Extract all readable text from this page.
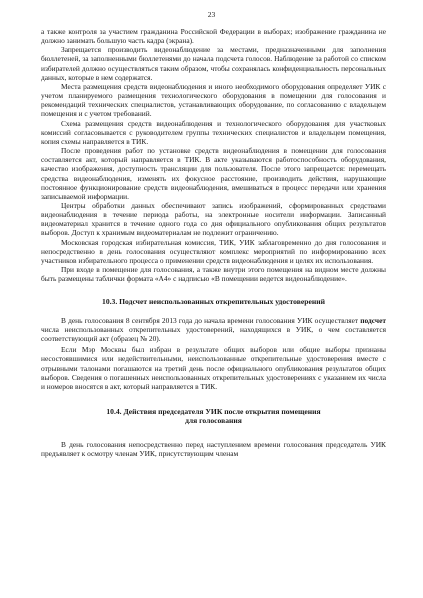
23

а также контроля за участием гражданина Российской Федерации в выборах; изображение гражданина не должно занимать большую часть кадра (экрана).

Запрещается производить видеонаблюдение за местами, предназначенными для заполнения бюллетеней, за заполненными бюллетенями до начала подсчета голосов. Наблюдение за работой со списком избирателей должно осуществляться таким образом, чтобы сохранялась конфиденциальность персональных данных, которые в нем содержатся.

Места размещения средств видеонаблюдения и иного необходимого оборудования определяет УИК с учетом планируемого размещения технологического оборудования в помещении для голосования и рекомендаций технических специалистов, устанавливающих оборудование, по согласованию с владельцем помещения и с учетом требований.

Схема размещения средств видеонаблюдения и технологического оборудования для участковых комиссий согласовывается с руководителем группы технических специалистов и владельцем помещения, копия схемы направляется в ТИК.

После проведения работ по установке средств видеонаблюдения в помещении для голосования составляется акт, который направляется в ТИК. В акте указываются работоспособность оборудования, качество изображения, доступность трансляции для пользователя. После этого запрещается: перемещать средства видеонаблюдения, изменять их фокусное расстояние, производить действия, нарушающие постоянное функционирование средств видеонаблюдения, вмешиваться в процесс передачи или хранения записываемой информации.

Центры обработки данных обеспечивают запись изображений, сформированных средствами видеонаблюдения в течение периода работы, на электронные носители информации. Записанный видеоматериал хранится в течение одного года со дня официального опубликования общих результатов выборов. Доступ к хранимым видеоматериалам не подлежит ограничению.

Московская городская избирательная комиссия, ТИК, УИК заблаговременно до дня голосования и непосредственно в день голосования осуществляют комплекс мероприятий по информированию всех участников избирательного процесса о применении средств видеонаблюдения и целях их использования.

При входе в помещение для голосования, а также внутри этого помещения на видном месте должны быть размещены таблички формата «А4» с надписью «В помещении ведется видеонаблюдение».

10.3. Подсчет неиспользованных открепительных удостоверений

В день голосования 8 сентября 2013 года до начала времени голосования УИК осуществляет подсчет числа неиспользованных открепительных удостоверений, находящихся в УИК, о чем составляется соответствующий акт (образец № 20).

Если Мэр Москвы был избран в результате общих выборов или общие выборы признаны несостоявшимися или недействительными, неиспользованные открепительные удостоверения вместе с отрывными талонами погашаются на третий день после официального опубликования результатов общих выборов. Сведения о погашенных неиспользованных открепительных удостоверениях с указанием их числа и номеров вносятся в акт, который направляется в ТИК.

10.4. Действия председателя УИК после открытия помещения

для голосования

В день голосования непосредственно перед наступлением времени голосования председатель УИК предъявляет к осмотру членам УИК, присутствующим членам
